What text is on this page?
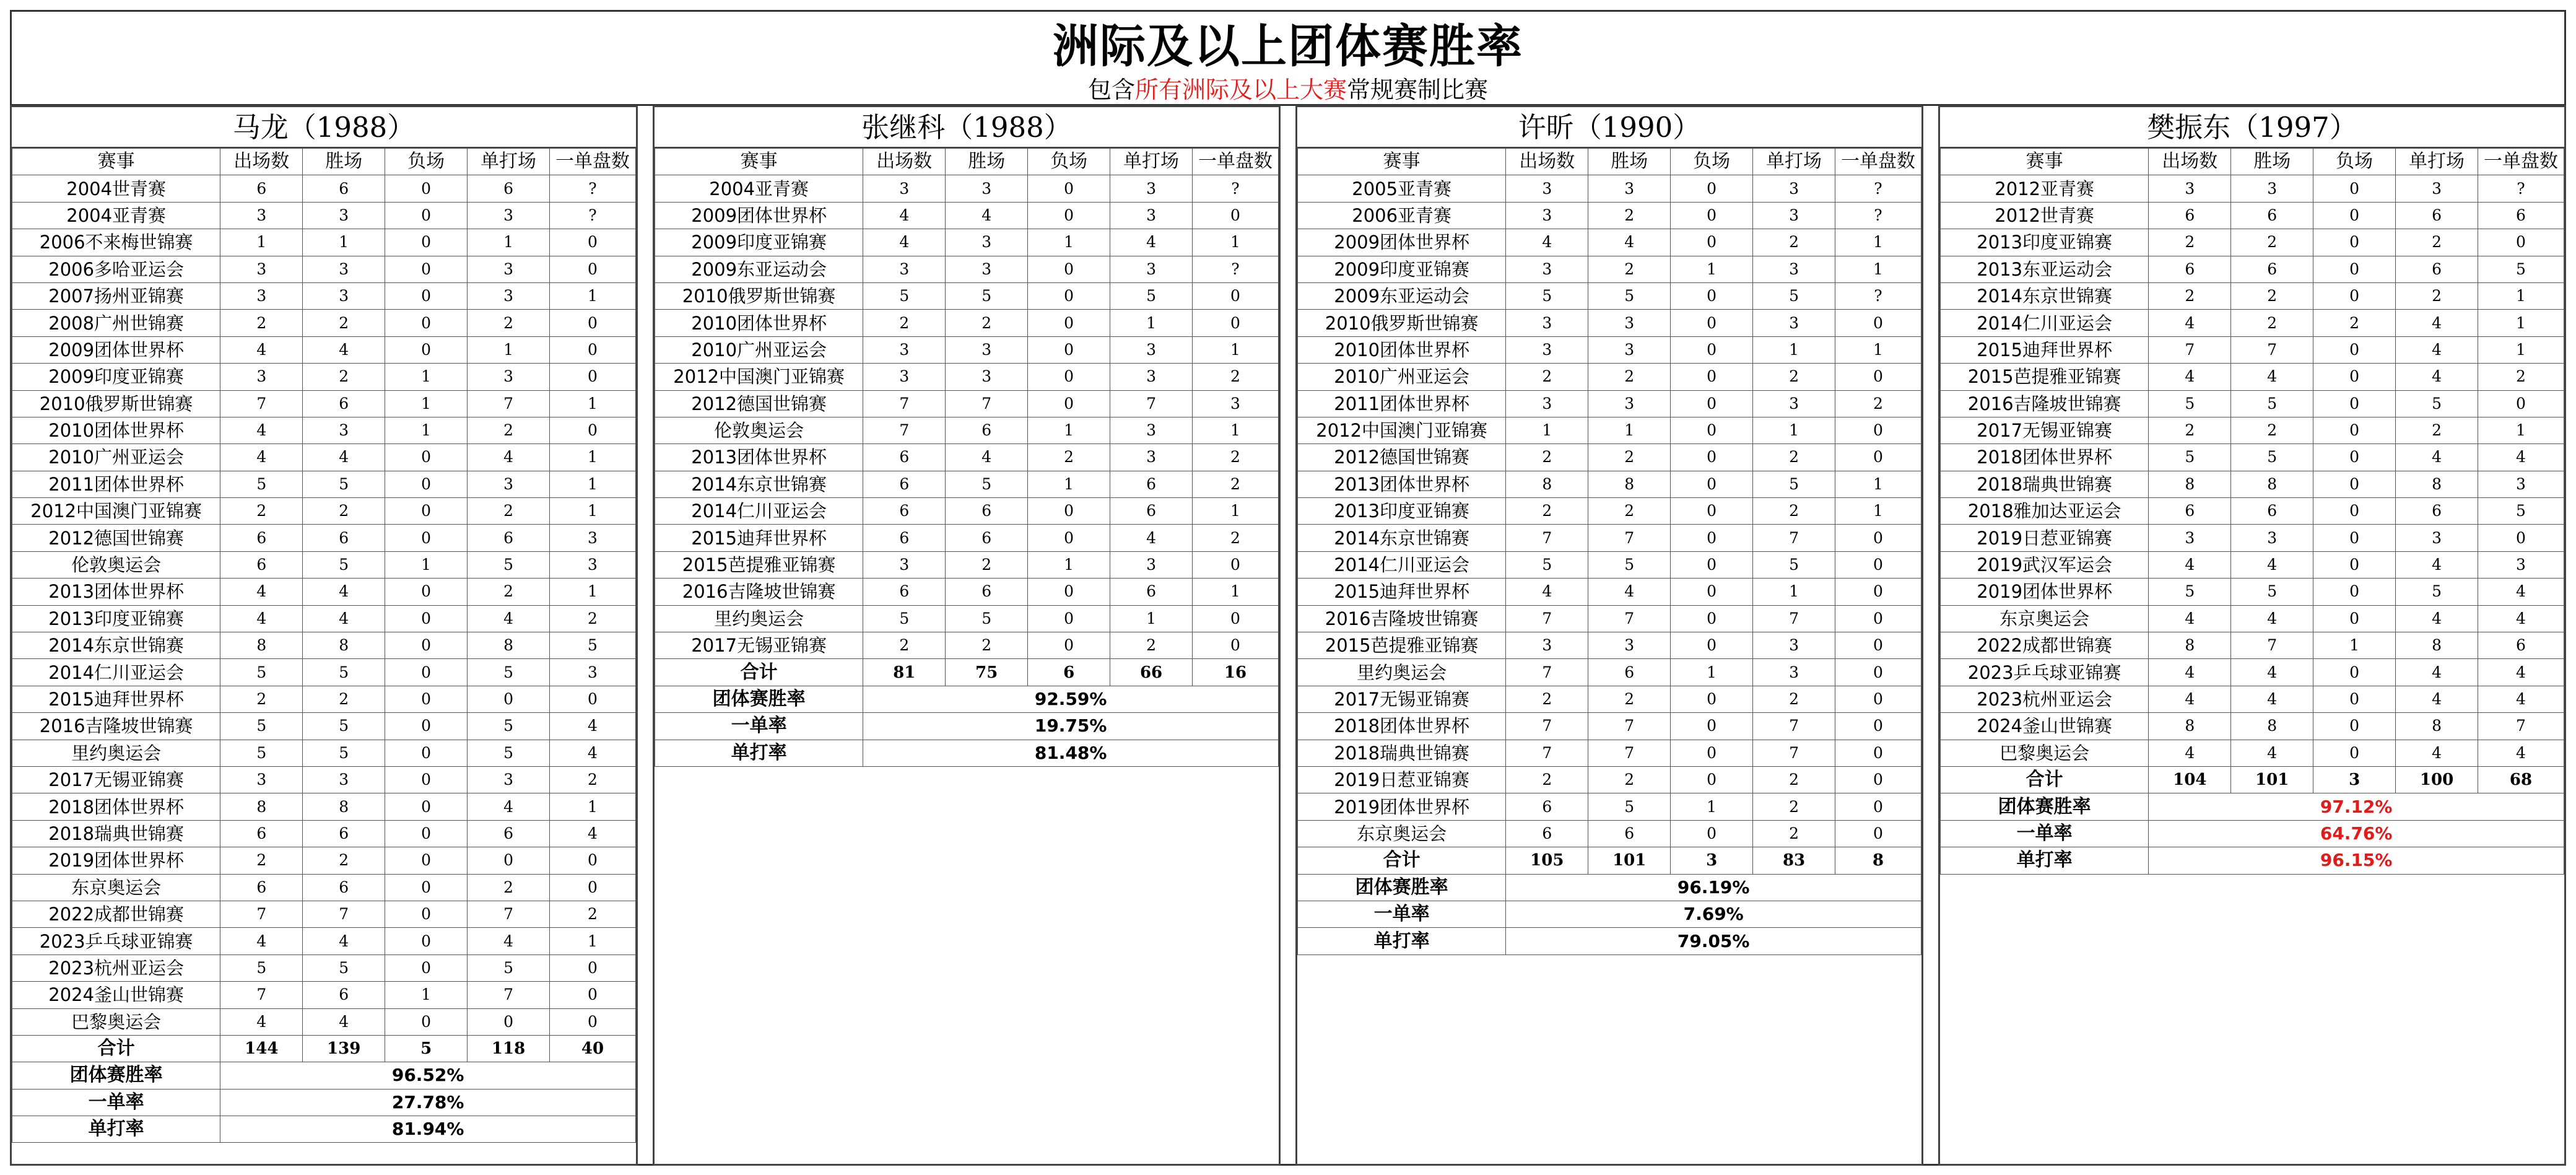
洲际及以上团体赛胜率
包含所有洲际及以上大赛常规赛制比赛
马龙（1988）
赛事	出场数	胜场	负场	单打场	一单盘数
2004世青赛	6	6	0	6	?
2004亚青赛	3	3	0	3	?
2006不来梅世锦赛	1	1	0	1	0
2006多哈亚运会	3	3	0	3	0
2007扬州亚锦赛	3	3	0	3	1
2008广州世锦赛	2	2	0	2	0
2009团体世界杯	4	4	0	1	0
2009印度亚锦赛	3	2	1	3	0
2010俄罗斯世锦赛	7	6	1	7	1
2010团体世界杯	4	3	1	2	0
2010广州亚运会	4	4	0	4	1
2011团体世界杯	5	5	0	3	1
2012中国澳门亚锦赛	2	2	0	2	1
2012德国世锦赛	6	6	0	6	3
伦敦奥运会	6	5	1	5	3
2013团体世界杯	4	4	0	2	1
2013印度亚锦赛	4	4	0	4	2
2014东京世锦赛	8	8	0	8	5
2014仁川亚运会	5	5	0	5	3
2015迪拜世界杯	2	2	0	0	0
2016吉隆坡世锦赛	5	5	0	5	4
里约奥运会	5	5	0	5	4
2017无锡亚锦赛	3	3	0	3	2
2018团体世界杯	8	8	0	4	1
2018瑞典世锦赛	6	6	0	6	4
2019团体世界杯	2	2	0	0	0
东京奥运会	6	6	0	2	0
2022成都世锦赛	7	7	0	7	2
2023乒乓球亚锦赛	4	4	0	4	1
2023杭州亚运会	5	5	0	5	0
2024釜山世锦赛	7	6	1	7	0
巴黎奥运会	4	4	0	0	0
合计	144	139	5	118	40
团体赛胜率	96.52%				
一单率	27.78%				
单打率	81.94%				
张继科（1988）
赛事	出场数	胜场	负场	单打场	一单盘数
2004亚青赛	3	3	0	3	?
2009团体世界杯	4	4	0	3	0
2009印度亚锦赛	4	3	1	4	1
2009东亚运动会	3	3	0	3	?
2010俄罗斯世锦赛	5	5	0	5	0
2010团体世界杯	2	2	0	1	0
2010广州亚运会	3	3	0	3	1
2012中国澳门亚锦赛	3	3	0	3	2
2012德国世锦赛	7	7	0	7	3
伦敦奥运会	7	6	1	3	1
2013团体世界杯	6	4	2	3	2
2014东京世锦赛	6	5	1	6	2
2014仁川亚运会	6	6	0	6	1
2015迪拜世界杯	6	6	0	4	2
2015芭提雅亚锦赛	3	2	1	3	0
2016吉隆坡世锦赛	6	6	0	6	1
里约奥运会	5	5	0	1	0
2017无锡亚锦赛	2	2	0	2	0
合计	81	75	6	66	16
团体赛胜率	92.59%				
一单率	19.75%				
单打率	81.48%				
许昕（1990）
赛事	出场数	胜场	负场	单打场	一单盘数
2005亚青赛	3	3	0	3	?
2006亚青赛	3	2	0	3	?
2009团体世界杯	4	4	0	2	1
2009印度亚锦赛	3	2	1	3	1
2009东亚运动会	5	5	0	5	?
2010俄罗斯世锦赛	3	3	0	3	0
2010团体世界杯	3	3	0	1	1
2010广州亚运会	2	2	0	2	0
2011团体世界杯	3	3	0	3	2
2012中国澳门亚锦赛	1	1	0	1	0
2012德国世锦赛	2	2	0	2	0
2013团体世界杯	8	8	0	5	1
2013印度亚锦赛	2	2	0	2	1
2014东京世锦赛	7	7	0	7	0
2014仁川亚运会	5	5	0	5	0
2015迪拜世界杯	4	4	0	1	0
2016吉隆坡世锦赛	7	7	0	7	0
2015芭提雅亚锦赛	3	3	0	3	0
里约奥运会	7	6	1	3	0
2017无锡亚锦赛	2	2	0	2	0
2018团体世界杯	7	7	0	7	0
2018瑞典世锦赛	7	7	0	7	0
2019日惹亚锦赛	2	2	0	2	0
2019团体世界杯	6	5	1	2	0
东京奥运会	6	6	0	2	0
合计	105	101	3	83	8
团体赛胜率	96.19%				
一单率	7.69%				
单打率	79.05%				
樊振东（1997）
赛事	出场数	胜场	负场	单打场	一单盘数
2012亚青赛	3	3	0	3	?
2012世青赛	6	6	0	6	6
2013印度亚锦赛	2	2	0	2	0
2013东亚运动会	6	6	0	6	5
2014东京世锦赛	2	2	0	2	1
2014仁川亚运会	4	2	2	4	1
2015迪拜世界杯	7	7	0	4	1
2015芭提雅亚锦赛	4	4	0	4	2
2016吉隆坡世锦赛	5	5	0	5	0
2017无锡亚锦赛	2	2	0	2	1
2018团体世界杯	5	5	0	4	4
2018瑞典世锦赛	8	8	0	8	3
2018雅加达亚运会	6	6	0	6	5
2019日惹亚锦赛	3	3	0	3	0
2019武汉军运会	4	4	0	4	3
2019团体世界杯	5	5	0	5	4
东京奥运会	4	4	0	4	4
2022成都世锦赛	8	7	1	8	6
2023乒乓球亚锦赛	4	4	0	4	4
2023杭州亚运会	4	4	0	4	4
2024釜山世锦赛	8	8	0	8	7
巴黎奥运会	4	4	0	4	4
合计	104	101	3	100	68
团体赛胜率	97.12%				
一单率	64.76%				
单打率	96.15%				
